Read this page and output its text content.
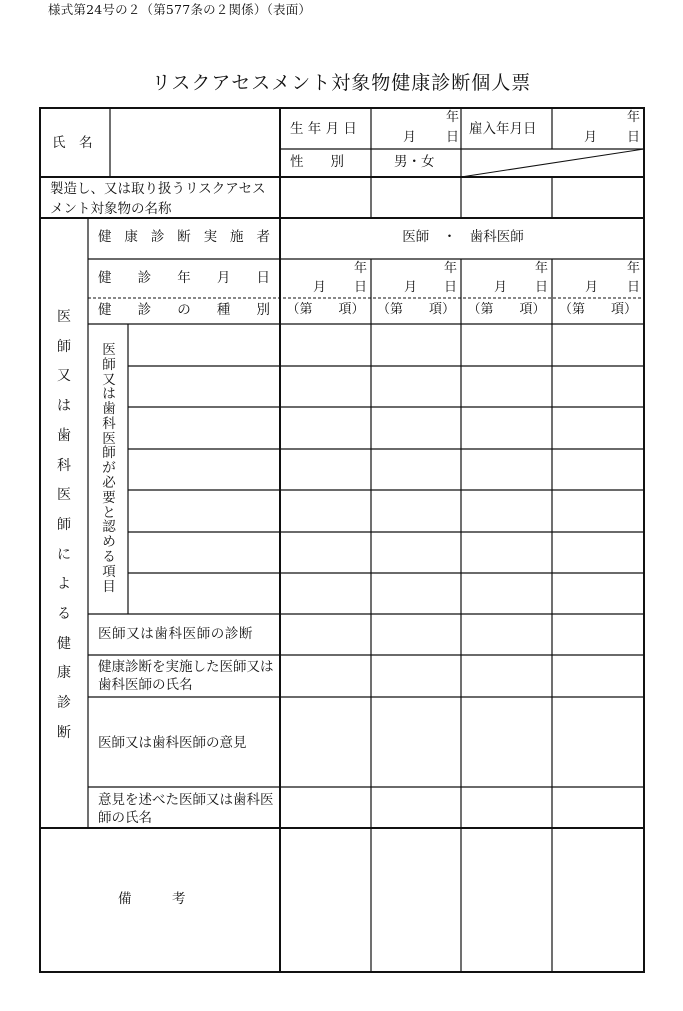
様式第24号の２（第577条の２関係）（表面）
リスクアセスメント対象物健康診断個人票
氏　名
生 年 月 日
年
月 日
雇入年月日
年
月 日
性　　別	男・女
製造し、又は取り扱うリスクアセスメント対象物の名称
医
師
又
は
歯
科
医
師
に
よ
る
健
康
診
断
健 康 診 断 実 施 者	医師　・　歯科医師
健 診 年 月 日
健 診 の 種 別
医
師
又
は
歯
科
医
師
が
必
要
と
認
め
る
項
目
医師又は歯科医師の診断
健康診断を実施した医師又は歯科医師の氏名
医師又は歯科医師の意見
意見を述べた医師又は歯科医師の氏名
備　　　考
年
月 日
（第　　項）
年
月 日
（第　　項）
年
月 日
（第　　項）
年
月 日
（第　　項）
